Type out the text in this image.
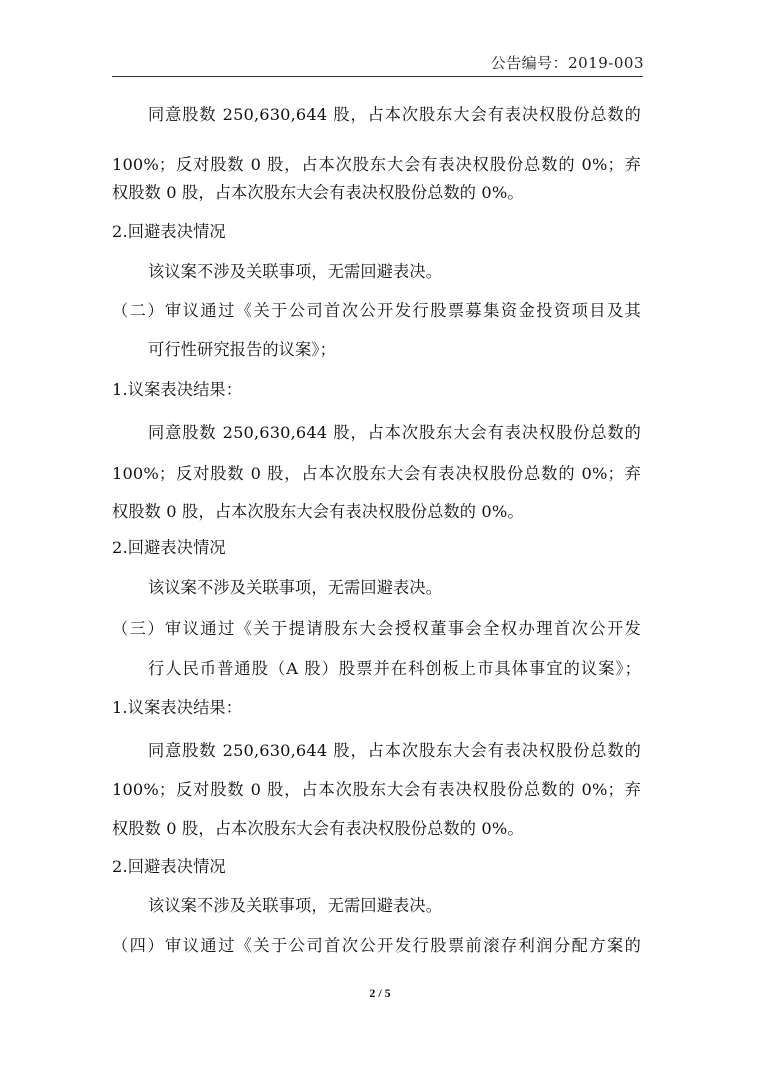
公告编号：2019-003
同意股数 250,630,644 股，占本次股东大会有表决权股份总数的
100%；反对股数 0 股，占本次股东大会有表决权股份总数的 0%；弃
权股数 0 股，占本次股东大会有表决权股份总数的 0%。
2.回避表决情况
该议案不涉及关联事项，无需回避表决。
（二）审议通过《关于公司首次公开发行股票募集资金投资项目及其
可行性研究报告的议案》；
1.议案表决结果：
同意股数 250,630,644 股，占本次股东大会有表决权股份总数的
100%；反对股数 0 股，占本次股东大会有表决权股份总数的 0%；弃
权股数 0 股，占本次股东大会有表决权股份总数的 0%。
2.回避表决情况
该议案不涉及关联事项，无需回避表决。
（三）审议通过《关于提请股东大会授权董事会全权办理首次公开发
行人民币普通股（A 股）股票并在科创板上市具体事宜的议案》；
1.议案表决结果：
同意股数 250,630,644 股，占本次股东大会有表决权股份总数的
100%；反对股数 0 股，占本次股东大会有表决权股份总数的 0%；弃
权股数 0 股，占本次股东大会有表决权股份总数的 0%。
2.回避表决情况
该议案不涉及关联事项，无需回避表决。
（四）审议通过《关于公司首次公开发行股票前滚存利润分配方案的
2 / 5
